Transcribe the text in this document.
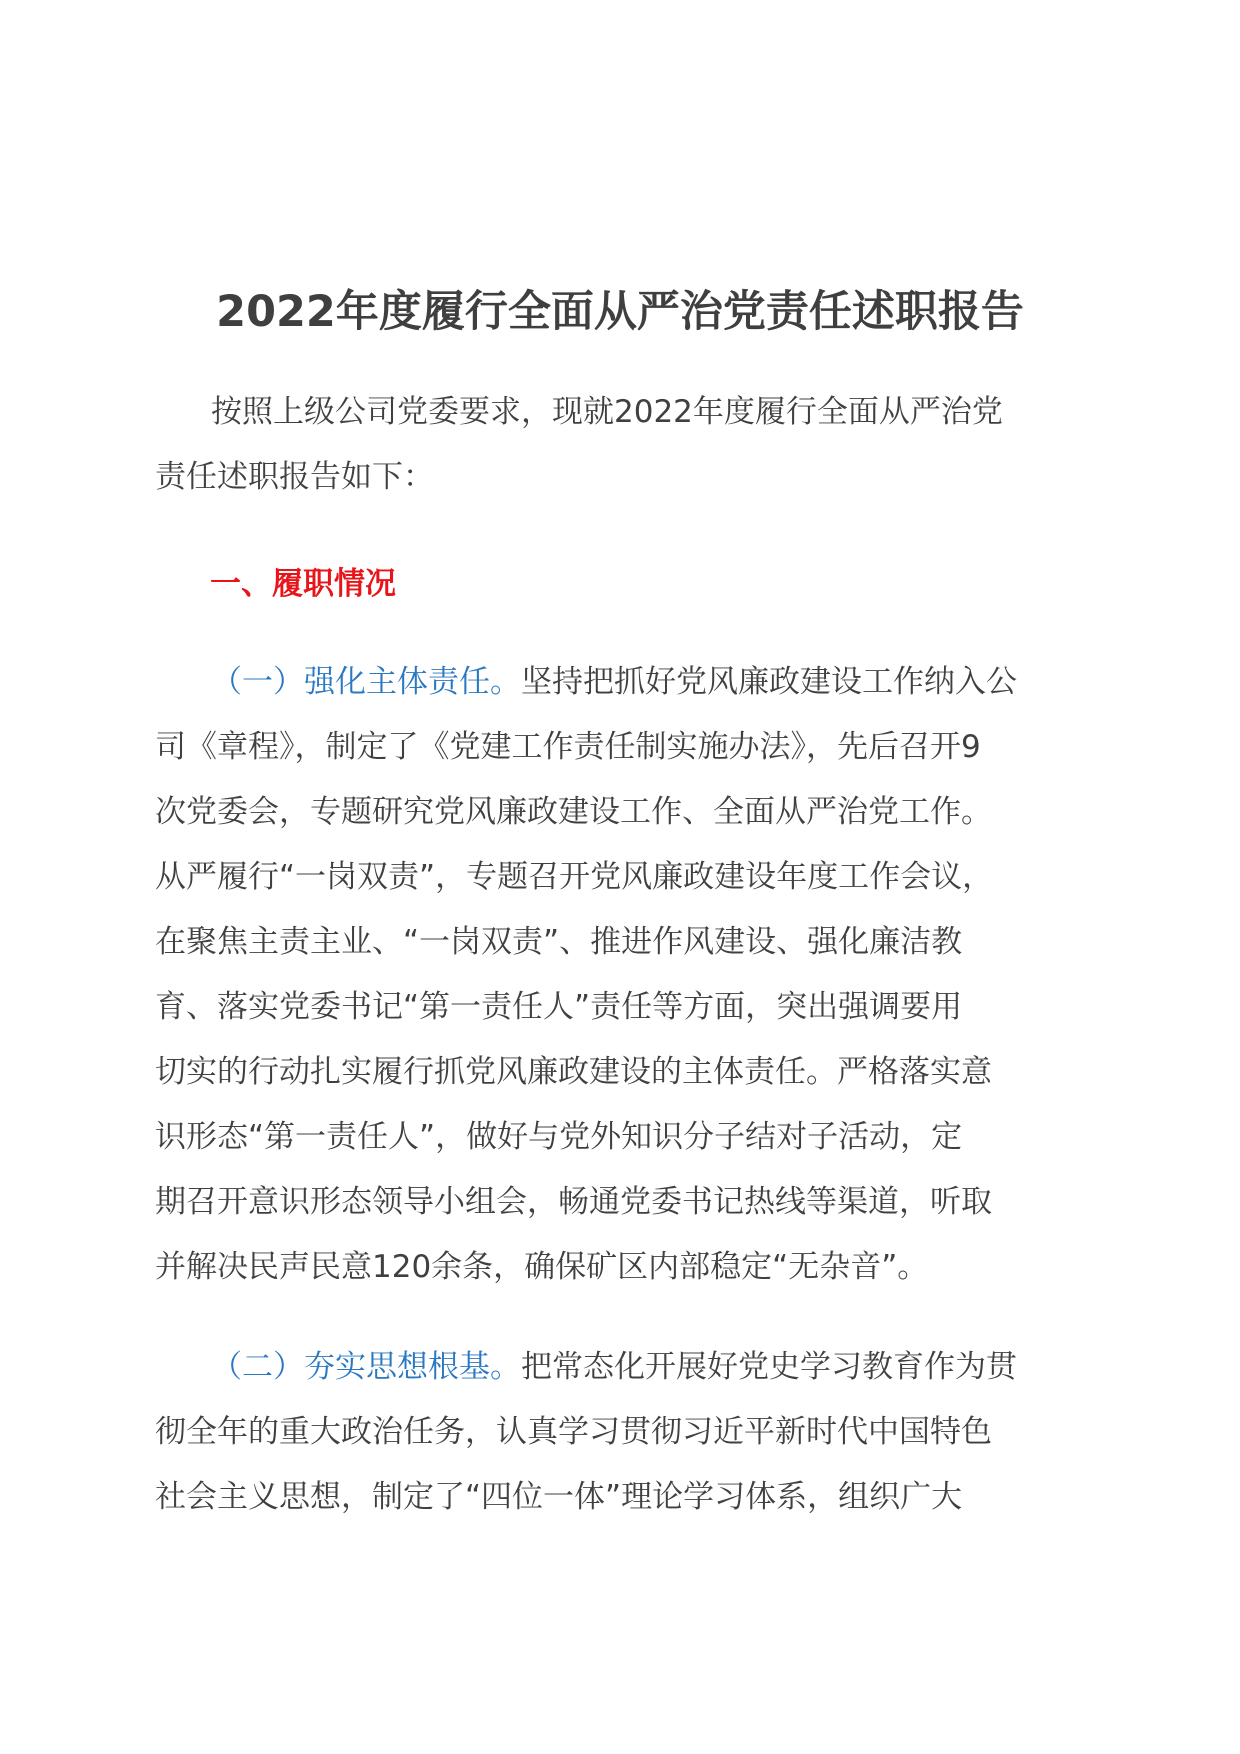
2022年度履行全面从严治党责任述职报告

按照上级公司党委要求，现就2022年度履行全面从严治党
责任述职报告如下：

一、履职情况

（一）强化主体责任。坚持把抓好党风廉政建设工作纳入公
司《章程》，制定了《党建工作责任制实施办法》，先后召开9
次党委会，专题研究党风廉政建设工作、全面从严治党工作。
从严履行“一岗双责”，专题召开党风廉政建设年度工作会议，
在聚焦主责主业、“一岗双责”、推进作风建设、强化廉洁教
育、落实党委书记“第一责任人”责任等方面，突出强调要用
切实的行动扎实履行抓党风廉政建设的主体责任。严格落实意
识形态“第一责任人”，做好与党外知识分子结对子活动，定
期召开意识形态领导小组会，畅通党委书记热线等渠道，听取
并解决民声民意120余条，确保矿区内部稳定“无杂音”。

（二）夯实思想根基。把常态化开展好党史学习教育作为贯
彻全年的重大政治任务，认真学习贯彻习近平新时代中国特色
社会主义思想，制定了“四位一体”理论学习体系，组织广大
